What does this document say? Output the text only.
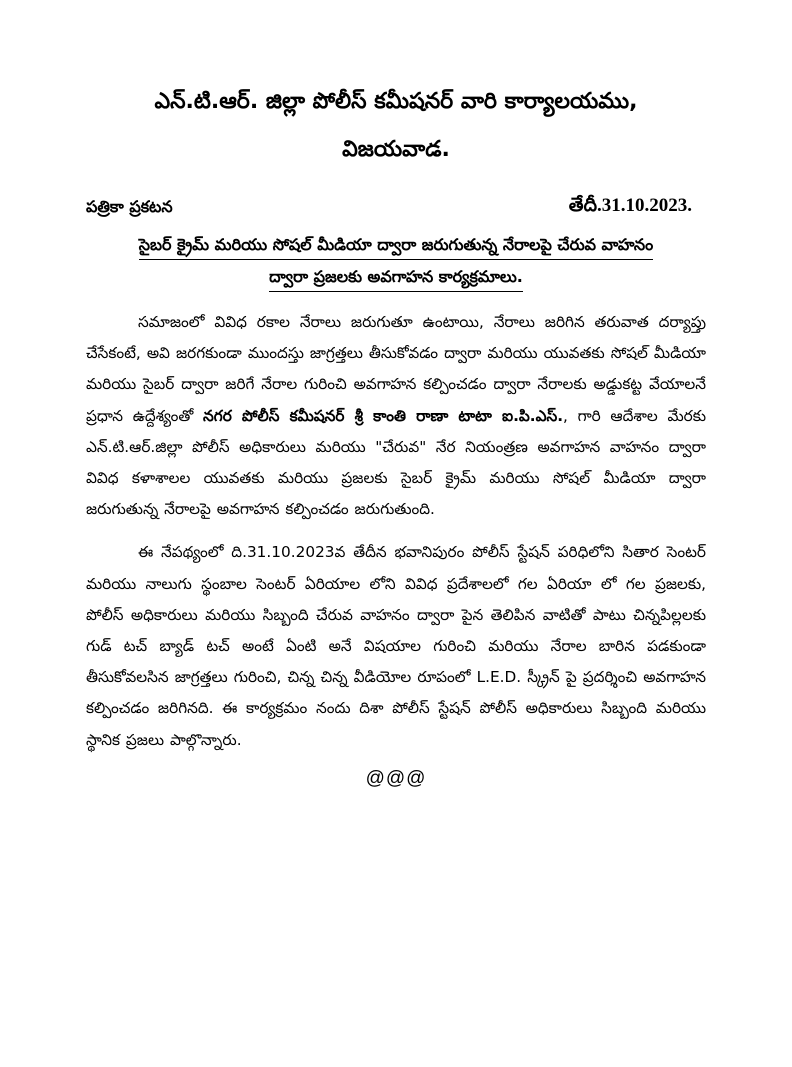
ఎన్.టి.ఆర్. జిల్లా పోలీస్ కమీషనర్ వారి కార్యాలయము,
విజయవాడ.
పత్రికా ప్రకటన	తేదీ.31.10.2023.
సైబర్ క్రైమ్ మరియు సోషల్ మీడియా ద్వారా జరుగుతున్న నేరాలపై చేరువ వాహనం
ద్వారా ప్రజలకు అవగాహన కార్యక్రమాలు.

సమాజంలో వివిధ రకాల నేరాలు జరుగుతూ ఉంటాయి, నేరాలు జరిగిన తరువాత దర్యాప్తు చేసేకంటే, అవి జరగకుండా ముందస్తు జాగ్రత్తలు తీసుకోవడం ద్వారా మరియు యువతకు సోషల్ మీడియా మరియు సైబర్ ద్వారా జరిగే నేరాల గురించి అవగాహన కల్పించడం ద్వారా నేరాలకు అడ్డుకట్ట వేయాలనే ప్రధాన ఉద్దేశ్యంతో నగర పోలీస్ కమీషనర్ శ్రీ కాంతి రాణా టాటా ఐ.పి.ఎస్., గారి ఆదేశాల మేరకు ఎన్.టి.ఆర్.జిల్లా పోలీస్ అధికారులు మరియు "చేరువ" నేర నియంత్రణ అవగాహన వాహనం ద్వారా వివిధ కళాశాలల యువతకు మరియు ప్రజలకు సైబర్ క్రైమ్ మరియు సోషల్ మీడియా ద్వారా జరుగుతున్న నేరాలపై అవగాహన కల్పించడం జరుగుతుంది.

ఈ నేపథ్యంలో ది.31.10.2023వ తేదీన భవానిపురం పోలీస్ స్టేషన్ పరిధిలోని సితార సెంటర్ మరియు నాలుగు స్థంబాల సెంటర్ ఏరియాల లోని వివిధ ప్రదేశాలలో గల ఏరియా లో గల ప్రజలకు, పోలీస్ అధికారులు మరియు సిబ్బంది చేరువ వాహనం ద్వారా పైన తెలిపిన వాటితో పాటు చిన్నపిల్లలకు గుడ్ టచ్ బ్యాడ్ టచ్ అంటే ఏంటి అనే విషయాల గురించి మరియు నేరాల బారిన పడకుండా తీసుకోవలసిన జాగ్రత్తలు గురించి, చిన్న చిన్న వీడియోల రూపంలో L.E.D. స్క్రీన్ పై ప్రదర్శించి అవగాహన కల్పించడం జరిగినది. ఈ కార్యక్రమం నందు దిశా పోలీస్ స్టేషన్ పోలీస్ అధికారులు సిబ్బంది మరియు స్థానిక ప్రజలు పాల్గొన్నారు.

@@@
